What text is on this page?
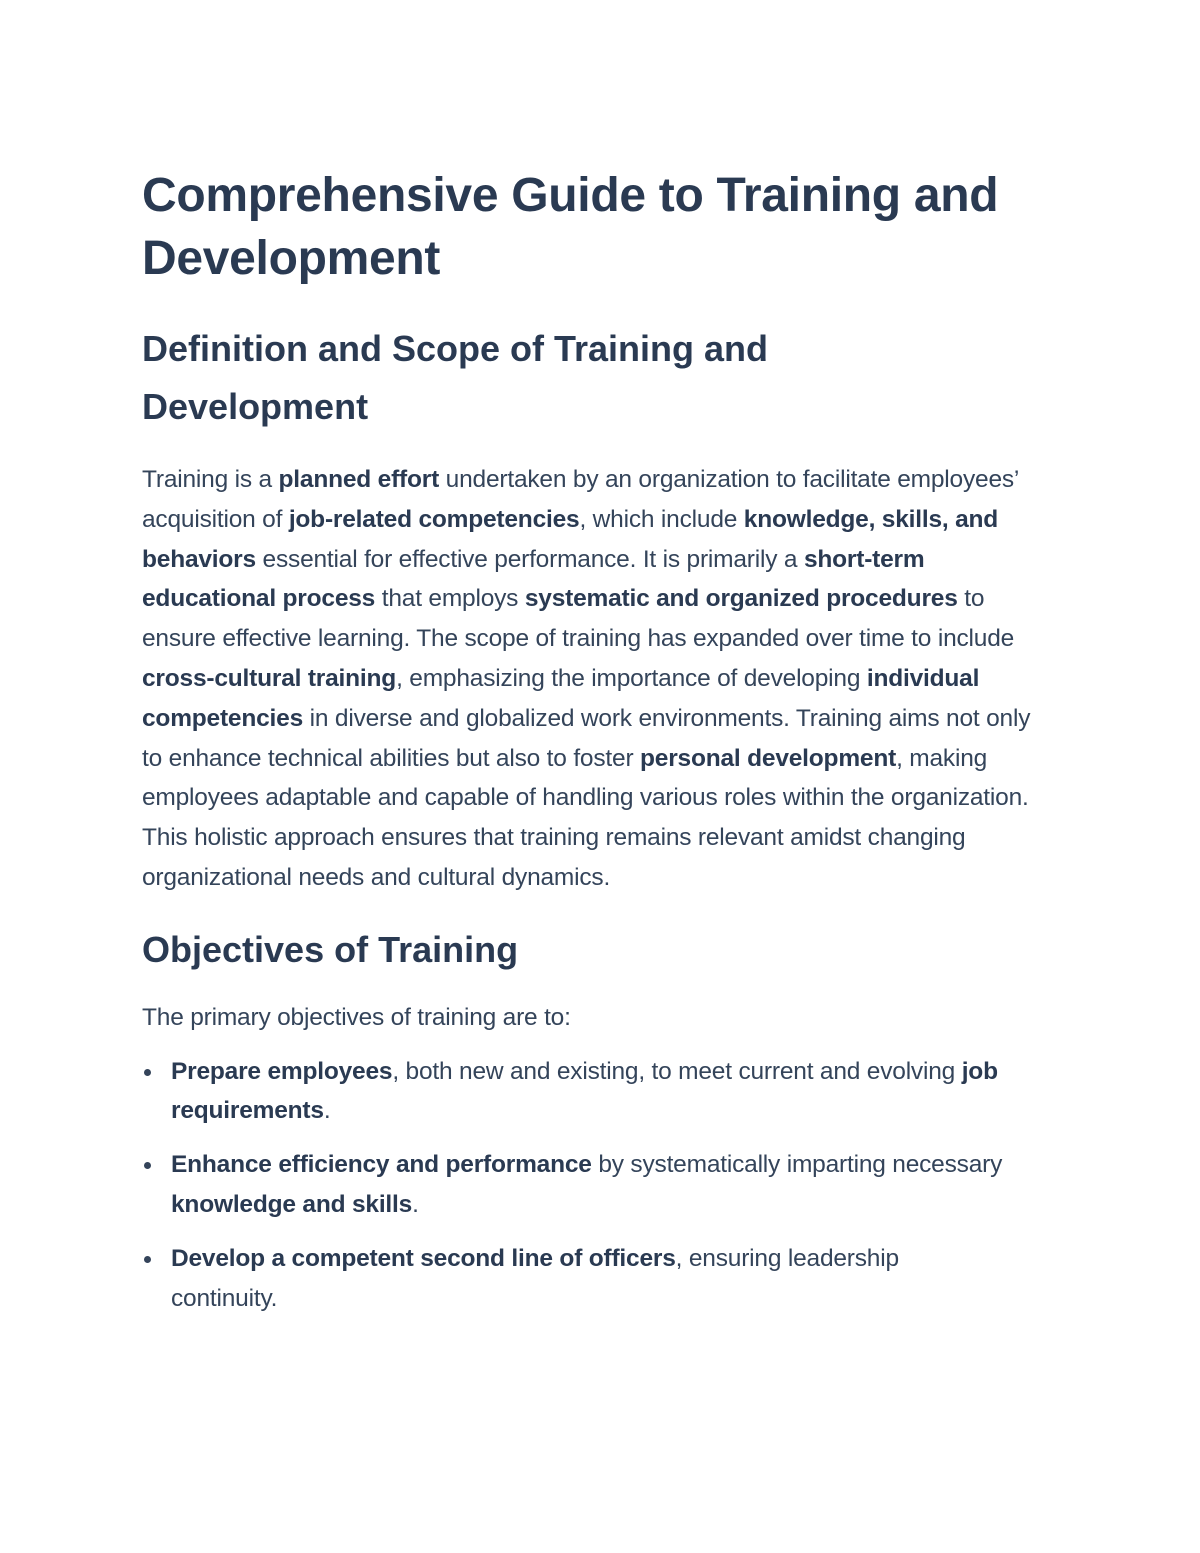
Comprehensive Guide to Training and Development
Definition and Scope of Training and Development

Training is a planned effort undertaken by an organization to facilitate employees’ acquisition of job-related competencies, which include knowledge, skills, and behaviors essential for effective performance. It is primarily a short-term educational process that employs systematic and organized procedures to ensure effective learning. The scope of training has expanded over time to include cross-cultural training, emphasizing the importance of developing individual competencies in diverse and globalized work environments. Training aims not only to enhance technical abilities but also to foster personal development, making employees adaptable and capable of handling various roles within the organization. This holistic approach ensures that training remains relevant amidst changing organizational needs and cultural dynamics.

Objectives of Training

The primary objectives of training are to:

Prepare employees, both new and existing, to meet current and evolving job requirements.
Enhance efficiency and performance by systematically imparting necessary knowledge and skills.
Develop a competent second line of officers, ensuring leadership continuity.
